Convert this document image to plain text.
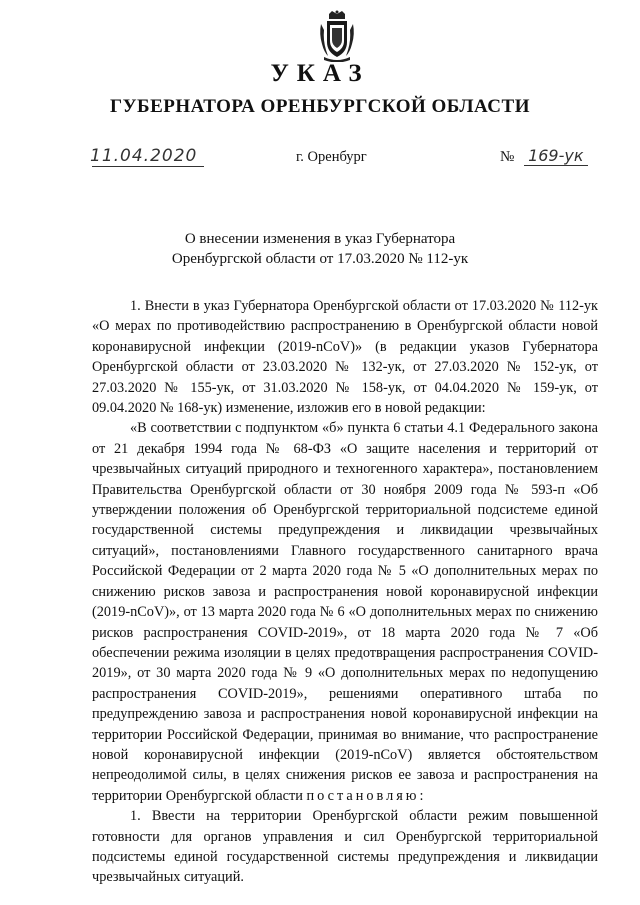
УКАЗ
ГУБЕРНАТОРА ОРЕНБУРГСКОЙ ОБЛАСТИ
11.04.2020	г. Оренбург	№ 169-ук
О внесении изменения в указ Губернатора
Оренбургской области от 17.03.2020 № 112-ук

1. Внести в указ Губернатора Оренбургской области от 17.03.2020 № 112-ук «О мерах по противодействию распространению в Оренбургской области новой коронавирусной инфекции (2019-nCoV)» (в редакции указов Губернатора Оренбургской области от 23.03.2020 № 132-ук, от 27.03.2020 № 152-ук, от 27.03.2020 № 155-ук, от 31.03.2020 № 158-ук, от 04.04.2020 № 159-ук, от 09.04.2020 № 168-ук) изменение, изложив его в новой редакции:

«В соответствии с подпунктом «б» пункта 6 статьи 4.1 Федерального закона от 21 декабря 1994 года № 68-ФЗ «О защите населения и территорий от чрезвычайных ситуаций природного и техногенного характера», постановлением Правительства Оренбургской области от 30 ноября 2009 года № 593-п «Об утверждении положения об Оренбургской территориальной подсистеме единой государственной системы предупреждения и ликвидации чрезвычайных ситуаций», постановлениями Главного государственного санитарного врача Российской Федерации от 2 марта 2020 года № 5 «О дополнительных мерах по снижению рисков завоза и распространения новой коронавирусной инфекции (2019-nCoV)», от 13 марта 2020 года № 6 «О дополнительных мерах по снижению рисков распространения COVID-2019», от 18 марта 2020 года № 7 «Об обеспечении режима изоляции в целях предотвращения распространения COVID-2019», от 30 марта 2020 года № 9 «О дополнительных мерах по недопущению распространения COVID-2019», решениями оперативного штаба по предупреждению завоза и распространения новой коронавирусной инфекции на территории Российской Федерации, принимая во внимание, что распространение новой коронавирусной инфекции (2019-nCoV) является обстоятельством непреодолимой силы, в целях снижения рисков ее завоза и распространения на территории Оренбургской области постановляю:

1. Ввести на территории Оренбургской области режим повышенной готовности для органов управления и сил Оренбургской территориальной подсистемы единой государственной системы предупреждения и ликвидации чрезвычайных ситуаций.
